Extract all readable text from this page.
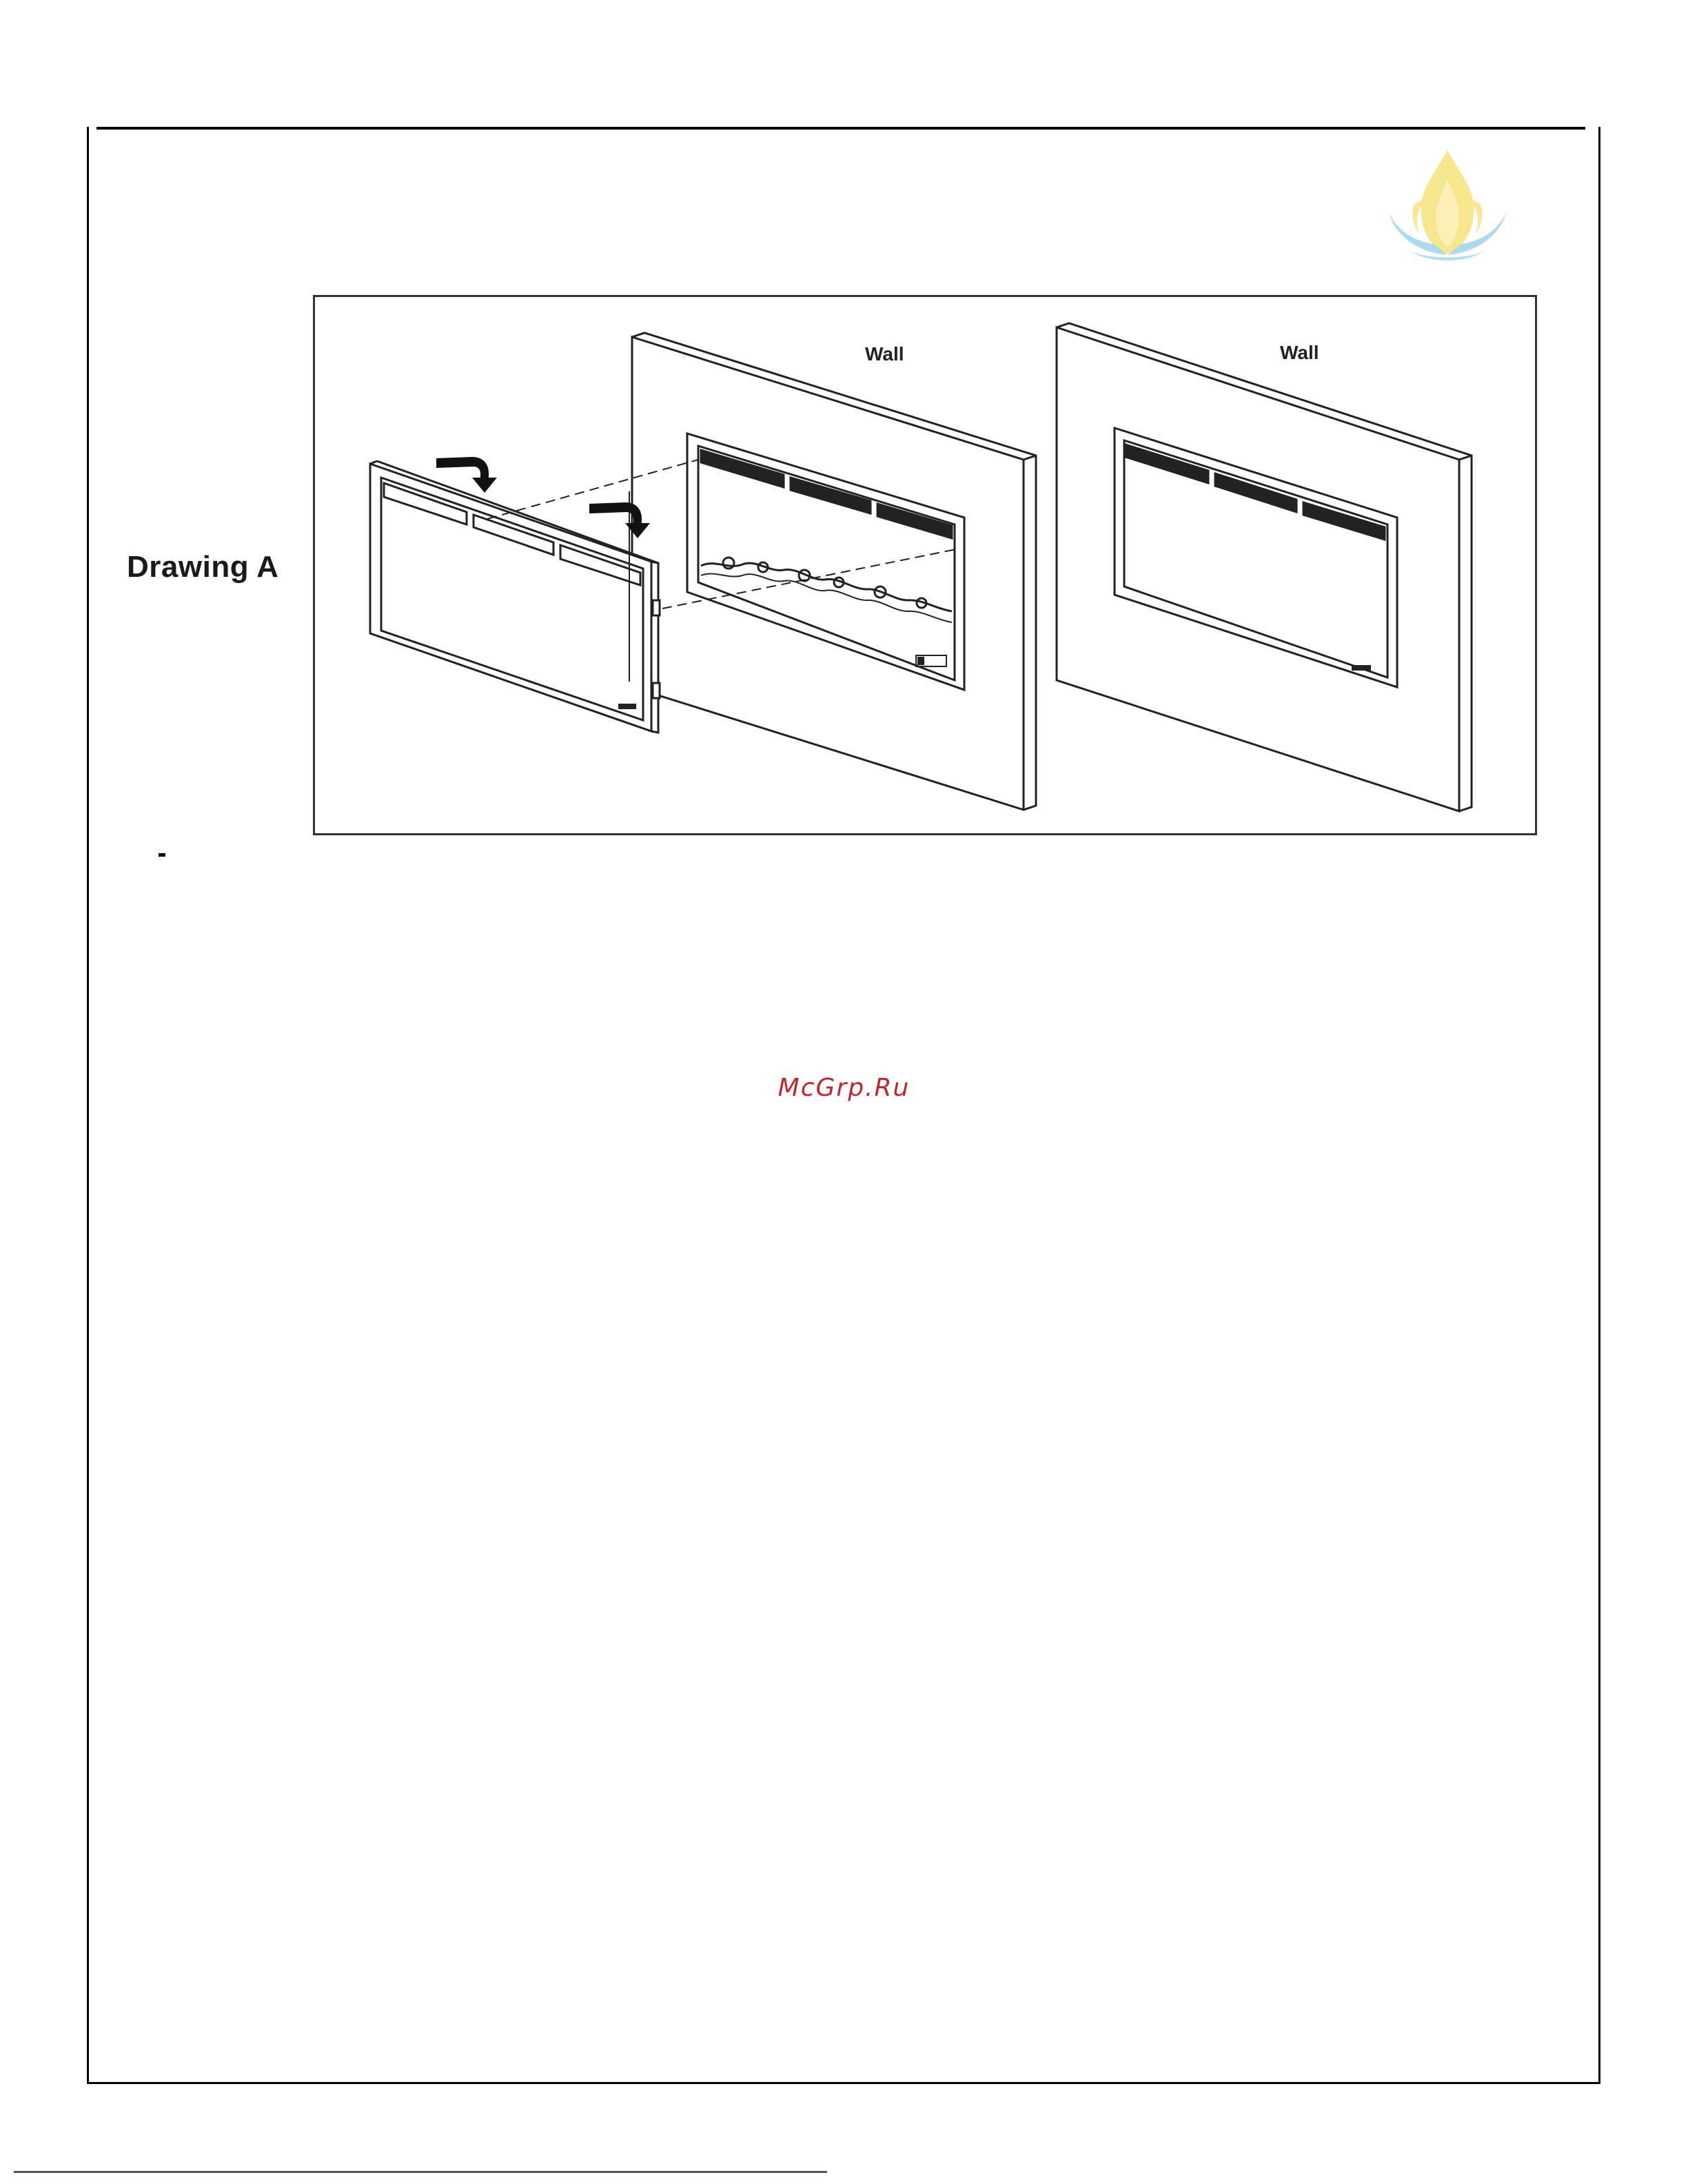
Drawing A
Wall	Wall
McGrp.Ru
